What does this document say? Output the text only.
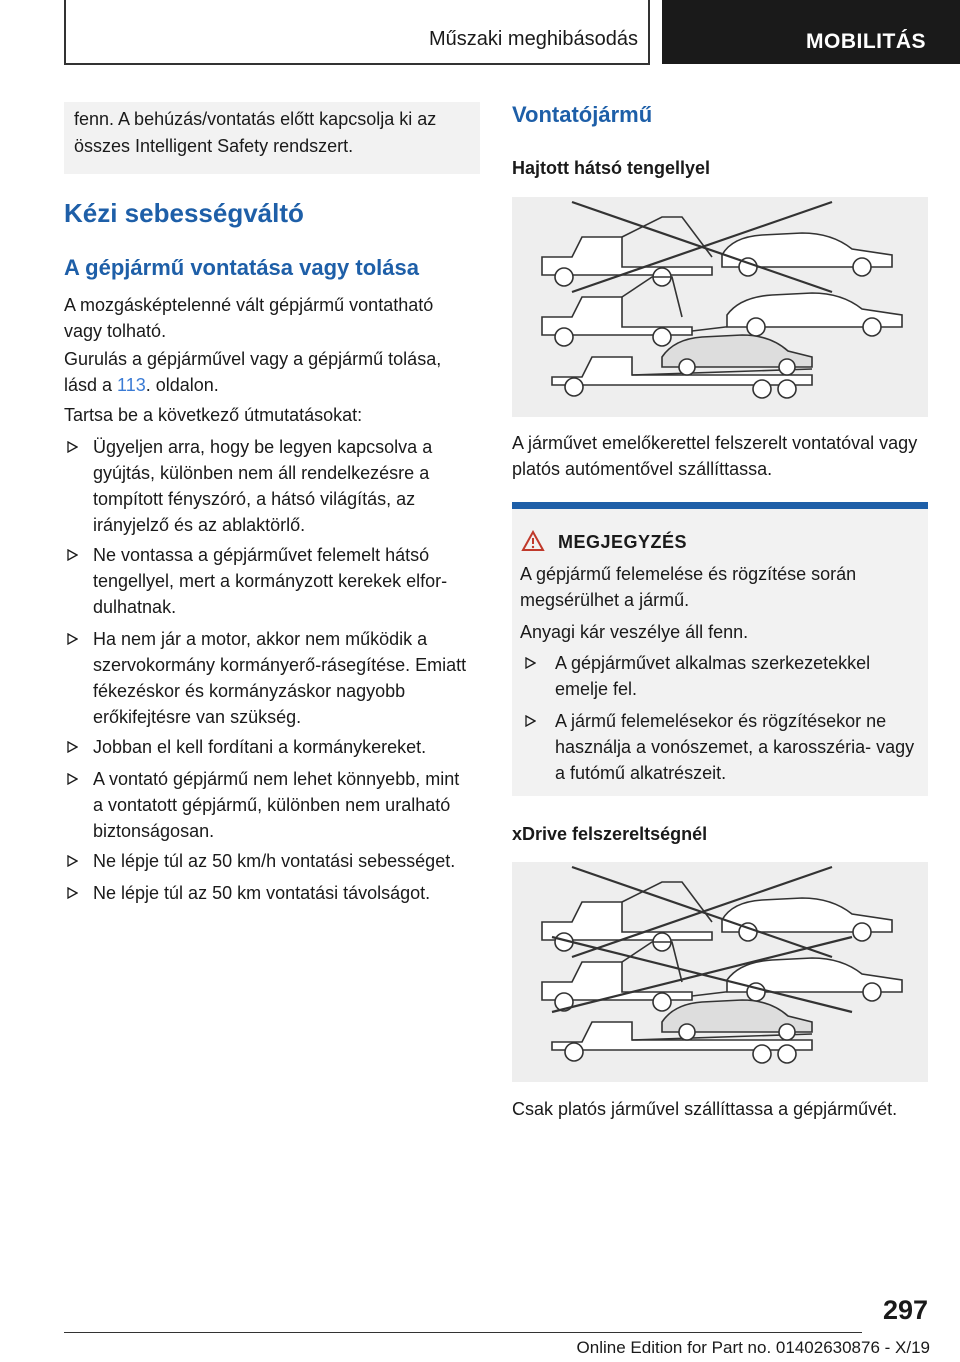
Műszaki meghibásodás	MOBILITÁS
fenn. A behúzás/vontatás előtt kapcsolja ki az összes Intelligent Safety rendszert.
Kézi sebességváltó
A gépjármű vontatása vagy tolása
A mozgásképtelenné vált gépjármű vontatható vagy tolható.
Gurulás a gépjárművel vagy a gépjármű tolása, lásd a 113. oldalon.
Tartsa be a következő útmutatásokat:
Ügyeljen arra, hogy be legyen kapcsolva a gyújtás, különben nem áll rendelkezésre a tompított fényszóró, a hátsó világítás, az irányjelző és az ablaktörlő.
Ne vontassa a gépjárművet felemelt hátsó tengellyel, mert a kormányzott kerekek elfordulhatnak.
Ha nem jár a motor, akkor nem működik a szervokormány kormányerő-rásegítése. Emiatt fékezéskor és kormányzáskor nagyobb erőkifejtésre van szükség.
Jobban el kell fordítani a kormánykereket.
A vontató gépjármű nem lehet könnyebb, mint a vontatott gépjármű, különben nem uralható biztonságosan.
Ne lépje túl az 50 km/h vontatási sebességet.
Ne lépje túl az 50 km vontatási távolságot.
Vontatójármű
Hajtott hátsó tengellyel
A járművet emelőkerettel felszerelt vontatóval vagy platós autómentővel szállíttassa.
MEGJEGYZÉS
A gépjármű felemelése és rögzítése során megsérülhet a jármű.
Anyagi kár veszélye áll fenn.
A gépjárművet alkalmas szerkezetekkel emelje fel.
A jármű felemelésekor és rögzítésekor ne használja a vonószemet, a karosszéria- vagy a futómű alkatrészeit.
xDrive felszereltségnél
Csak platós járművel szállíttassa a gépjárművét.
297
Online Edition for Part no. 01402630876 - X/19
